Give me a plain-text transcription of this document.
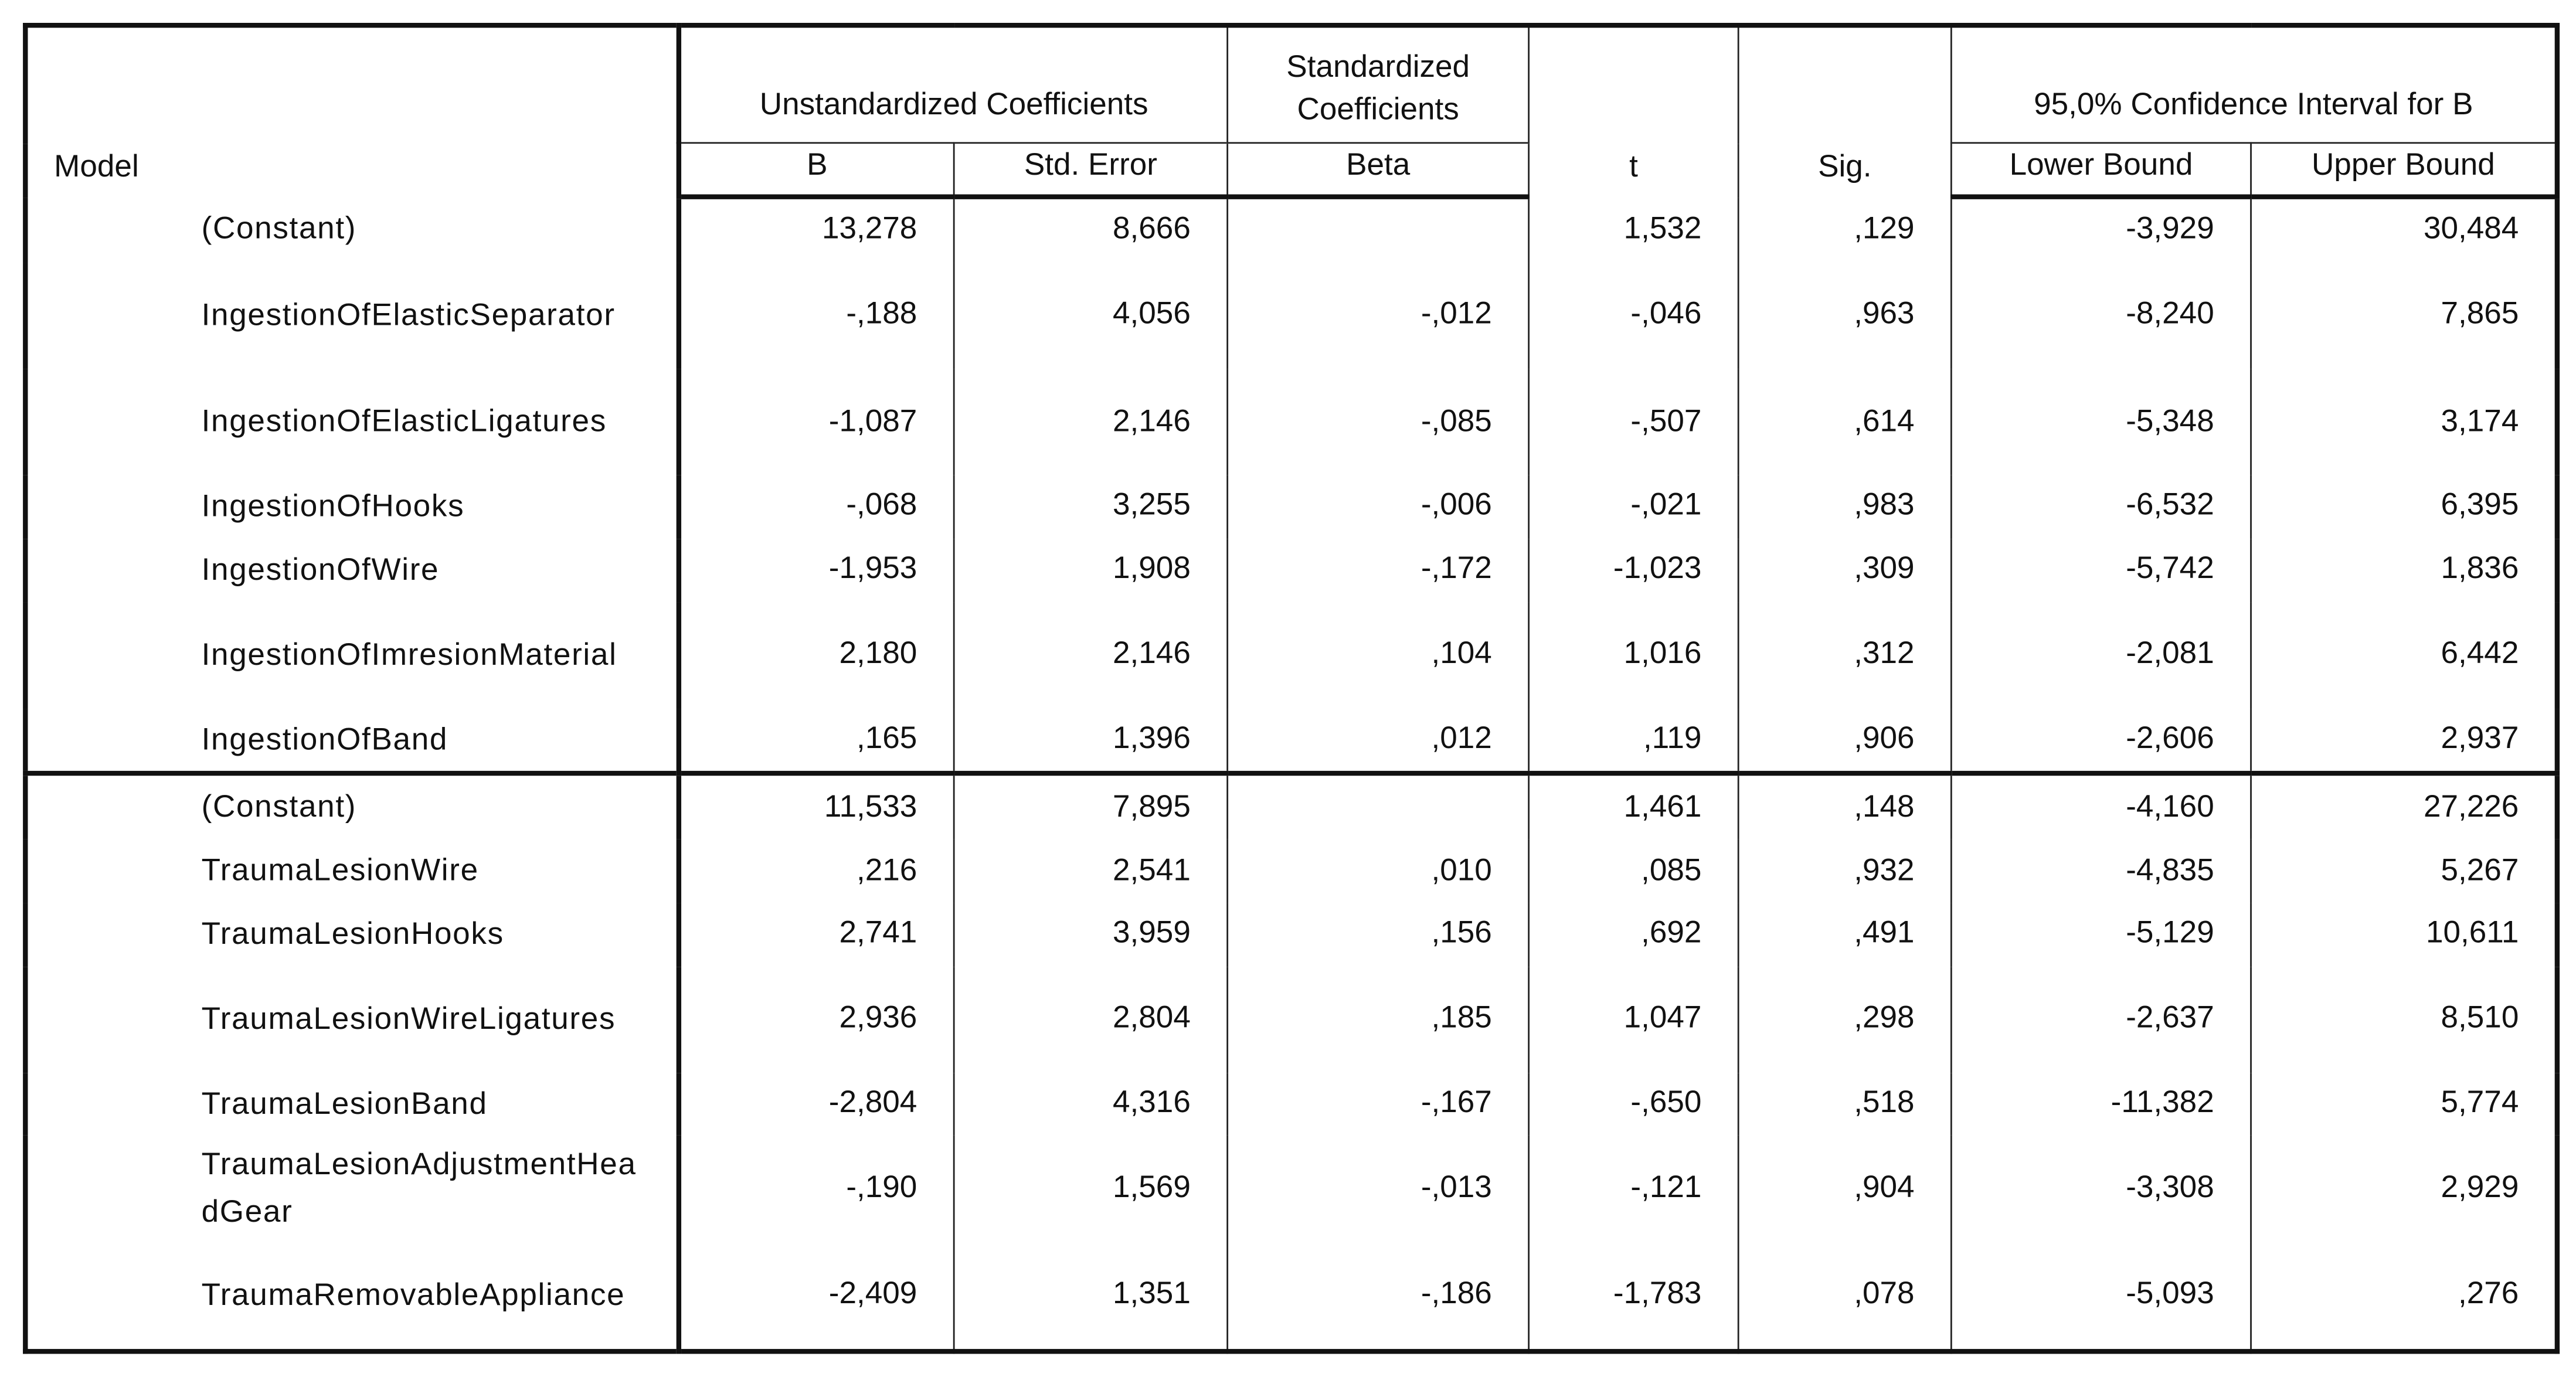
Model	Unstandardized Coefficients		Standardized Coefficients	t	Sig.	95,0% Confidence Interval for B	
	B	Std. Error	Beta			Lower Bound	Upper Bound

(Constant)	13,278	8,666		1,532	,129	-3,929	30,484

IngestionOfElasticSeparator	-,188	4,056	-,012	-,046	,963	-8,240	7,865

IngestionOfElasticLigatures	-1,087	2,146	-,085	-,507	,614	-5,348	3,174

IngestionOfHooks	-,068	3,255	-,006	-,021	,983	-6,532	6,395

IngestionOfWire	-1,953	1,908	-,172	-1,023	,309	-5,742	1,836

IngestionOfImresionMaterial	2,180	2,146	,104	1,016	,312	-2,081	6,442

IngestionOfBand	,165	1,396	,012	,119	,906	-2,606	2,937

(Constant)	11,533	7,895		1,461	,148	-4,160	27,226

TraumaLesionWire	,216	2,541	,010	,085	,932	-4,835	5,267

TraumaLesionHooks	2,741	3,959	,156	,692	,491	-5,129	10,611

TraumaLesionWireLigatures	2,936	2,804	,185	1,047	,298	-2,637	8,510

TraumaLesionBand	-2,804	4,316	-,167	-,650	,518	-11,382	5,774

TraumaLesionAdjustmentHeadGear	-,190	1,569	-,013	-,121	,904	-3,308	2,929

TraumaRemovableAppliance	-2,409	1,351	-,186	-1,783	,078	-5,093	,276
